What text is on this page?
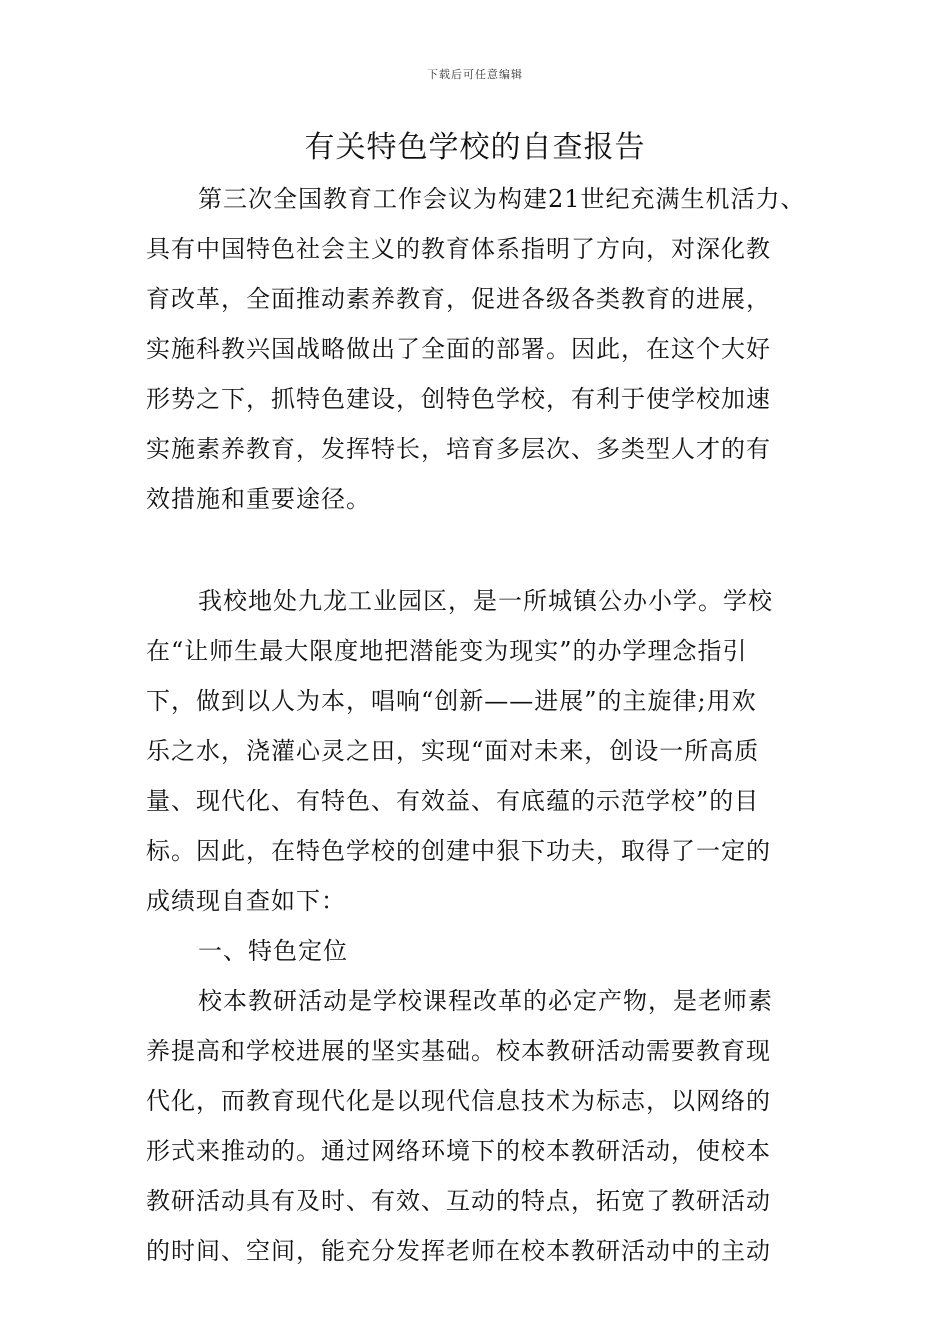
下载后可任意编辑
有关特色学校的自查报告
第三次全国教育工作会议为构建21世纪充满生机活力、
具有中国特色社会主义的教育体系指明了方向，对深化教
育改革，全面推动素养教育，促进各级各类教育的进展，
实施科教兴国战略做出了全面的部署。因此，在这个大好
形势之下，抓特色建设，创特色学校，有利于使学校加速
实施素养教育，发挥特长，培育多层次、多类型人才的有
效措施和重要途径。
我校地处九龙工业园区，是一所城镇公办小学。学校
在“让师生最大限度地把潜能变为现实”的办学理念指引
下，做到以人为本，唱响“创新——进展”的主旋律;用欢
乐之水，浇灌心灵之田，实现“面对未来，创设一所高质
量、现代化、有特色、有效益、有底蕴的示范学校”的目
标。因此，在特色学校的创建中狠下功夫，取得了一定的
成绩现自查如下：
一、特色定位
校本教研活动是学校课程改革的必定产物，是老师素
养提高和学校进展的坚实基础。校本教研活动需要教育现
代化，而教育现代化是以现代信息技术为标志，以网络的
形式来推动的。通过网络环境下的校本教研活动，使校本
教研活动具有及时、有效、互动的特点，拓宽了教研活动
的时间、空间，能充分发挥老师在校本教研活动中的主动
